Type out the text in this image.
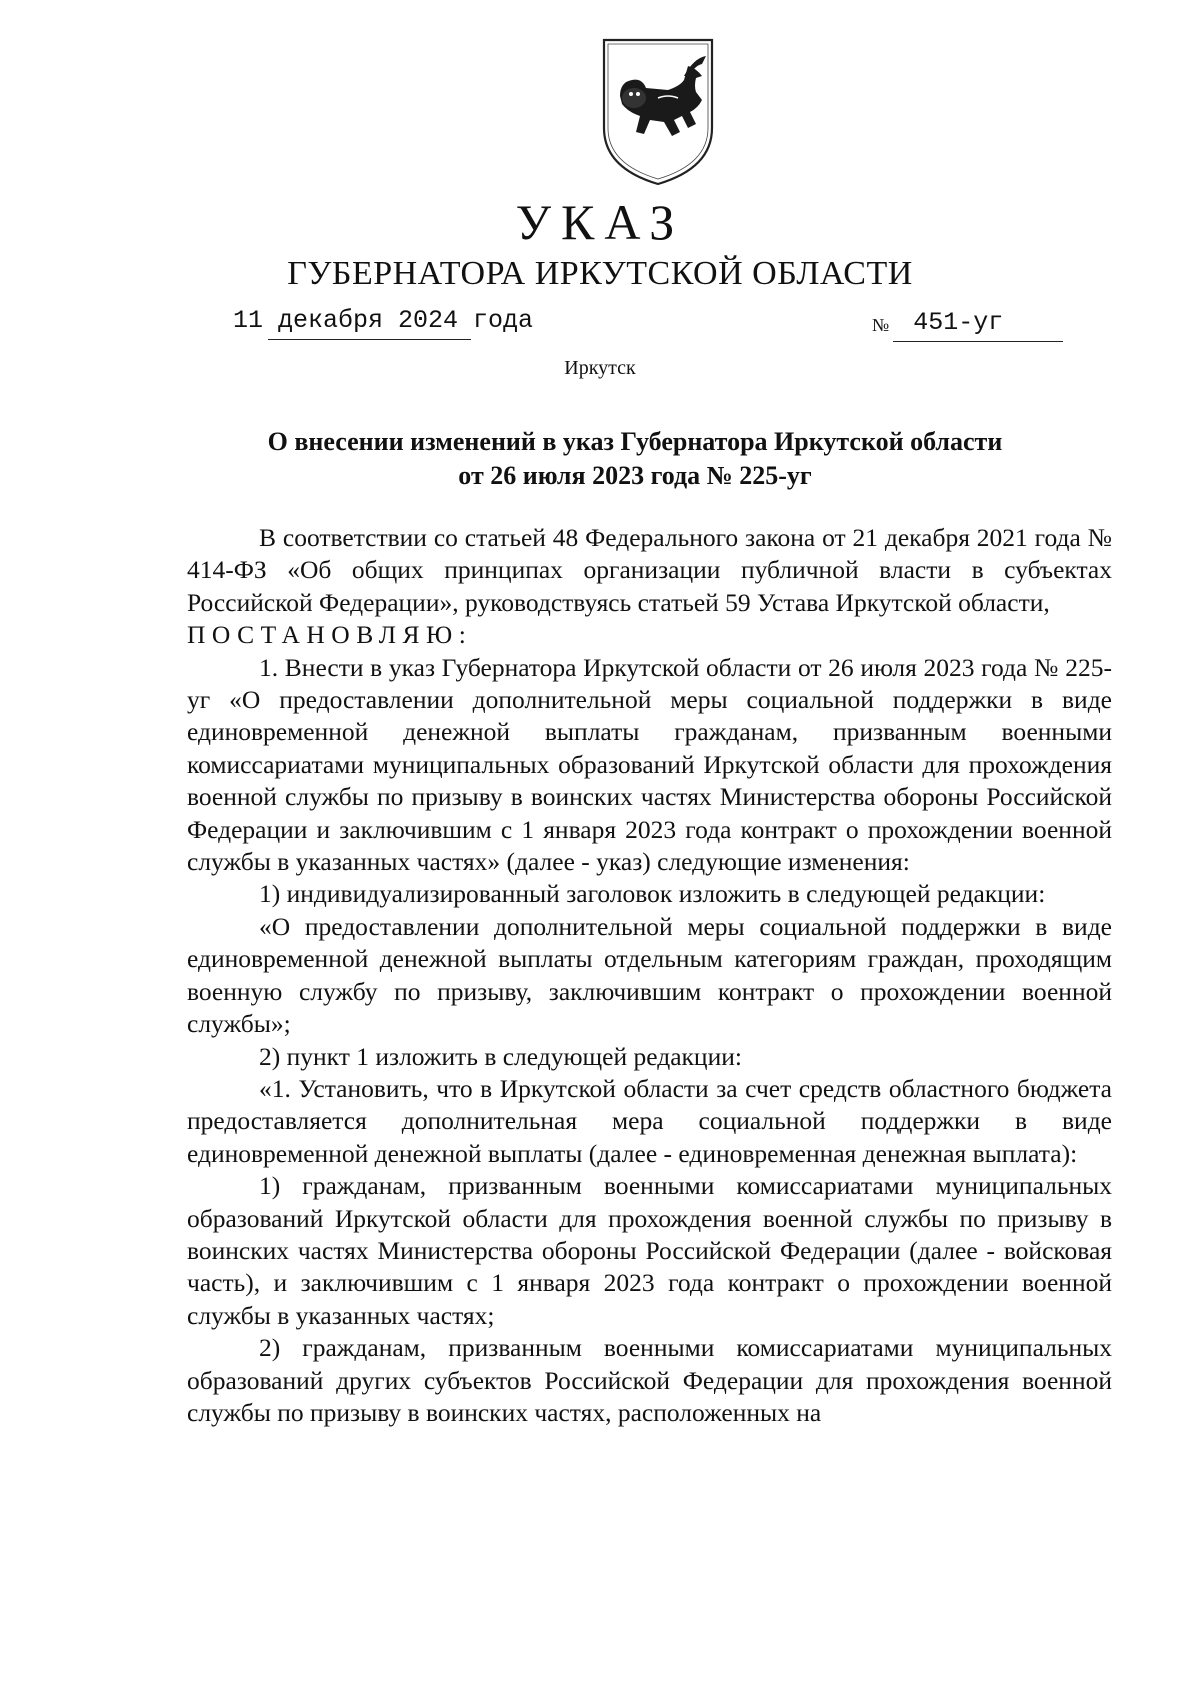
УКАЗ
ГУБЕРНАТОРА ИРКУТСКОЙ ОБЛАСТИ
11 декабря 2024 года	№ 451-уг
Иркутск
О внесении изменений в указ Губернатора Иркутской области
от 26 июля 2023 года № 225-уг

В соответствии со статьей 48 Федерального закона от 21 декабря 2021 года № 414-ФЗ «Об общих принципах организации публичной власти в субъектах Российской Федерации», руководствуясь статьей 59 Устава Иркутской области,

ПОСТАНОВЛЯЮ:

1. Внести в указ Губернатора Иркутской области от 26 июля 2023 года № 225-уг «О предоставлении дополнительной меры социальной поддержки в виде единовременной денежной выплаты гражданам, призванным военными комиссариатами муниципальных образований Иркутской области для прохождения военной службы по призыву в воинских частях Министерства обороны Российской Федерации и заключившим с 1 января 2023 года контракт о прохождении военной службы в указанных частях» (далее - указ) следующие изменения:

1) индивидуализированный заголовок изложить в следующей редакции:

«О предоставлении дополнительной меры социальной поддержки в виде единовременной денежной выплаты отдельным категориям граждан, проходящим военную службу по призыву, заключившим контракт о прохождении военной службы»;

2) пункт 1 изложить в следующей редакции:

«1. Установить, что в Иркутской области за счет средств областного бюджета предоставляется дополнительная мера социальной поддержки в виде единовременной денежной выплаты (далее - единовременная денежная выплата):

1) гражданам, призванным военными комиссариатами муниципальных образований Иркутской области для прохождения военной службы по призыву в воинских частях Министерства обороны Российской Федерации (далее - войсковая часть), и заключившим с 1 января 2023 года контракт о прохождении военной службы в указанных частях;

2) гражданам, призванным военными комиссариатами муниципальных образований других субъектов Российской Федерации для прохождения военной службы по призыву в воинских частях, расположенных на
